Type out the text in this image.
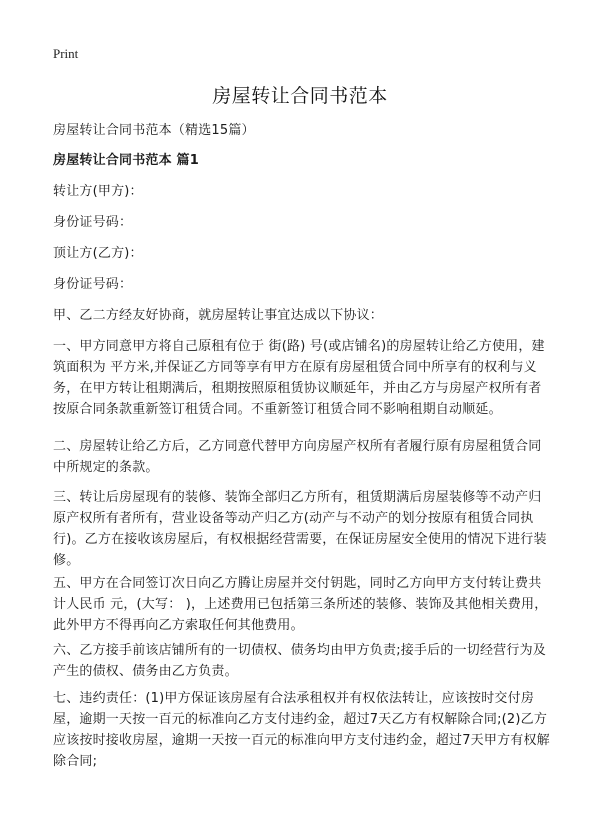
Print
房屋转让合同书范本
房屋转让合同书范本（精选15篇）
房屋转让合同书范本 篇1
转让方(甲方)：
身份证号码：
顶让方(乙方)：
身份证号码：
甲、乙二方经友好协商，就房屋转让事宜达成以下协议：
一、甲方同意甲方将自己原租有位于 街(路) 号(或店铺名)的房屋转让给乙方使用，建筑面积为 平方米,并保证乙方同等享有甲方在原有房屋租赁合同中所享有的权利与义务，在甲方转让租期满后，租期按照原租赁协议顺延年，并由乙方与房屋产权所有者按原合同条款重新签订租赁合同。不重新签订租赁合同不影响租期自动顺延。
二、房屋转让给乙方后，乙方同意代替甲方向房屋产权所有者履行原有房屋租赁合同中所规定的条款。
三、转让后房屋现有的装修、装饰全部归乙方所有，租赁期满后房屋装修等不动产归原产权所有者所有，营业设备等动产归乙方(动产与不动产的划分按原有租赁合同执行)。乙方在接收该房屋后，有权根据经营需要，在保证房屋安全使用的情况下进行装修。
五、甲方在合同签订次日向乙方腾让房屋并交付钥匙，同时乙方向甲方支付转让费共计人民币 元，(大写： )，上述费用已包括第三条所述的装修、装饰及其他相关费用，此外甲方不得再向乙方索取任何其他费用。
六、乙方接手前该店铺所有的一切债权、债务均由甲方负责;接手后的一切经营行为及产生的债权、债务由乙方负责。
七、违约责任：(1)甲方保证该房屋有合法承租权并有权依法转让，应该按时交付房屋，逾期一天按一百元的标准向乙方支付违约金，超过7天乙方有权解除合同;(2)乙方应该按时接收房屋，逾期一天按一百元的标准向甲方支付违约金，超过7天甲方有权解除合同;
